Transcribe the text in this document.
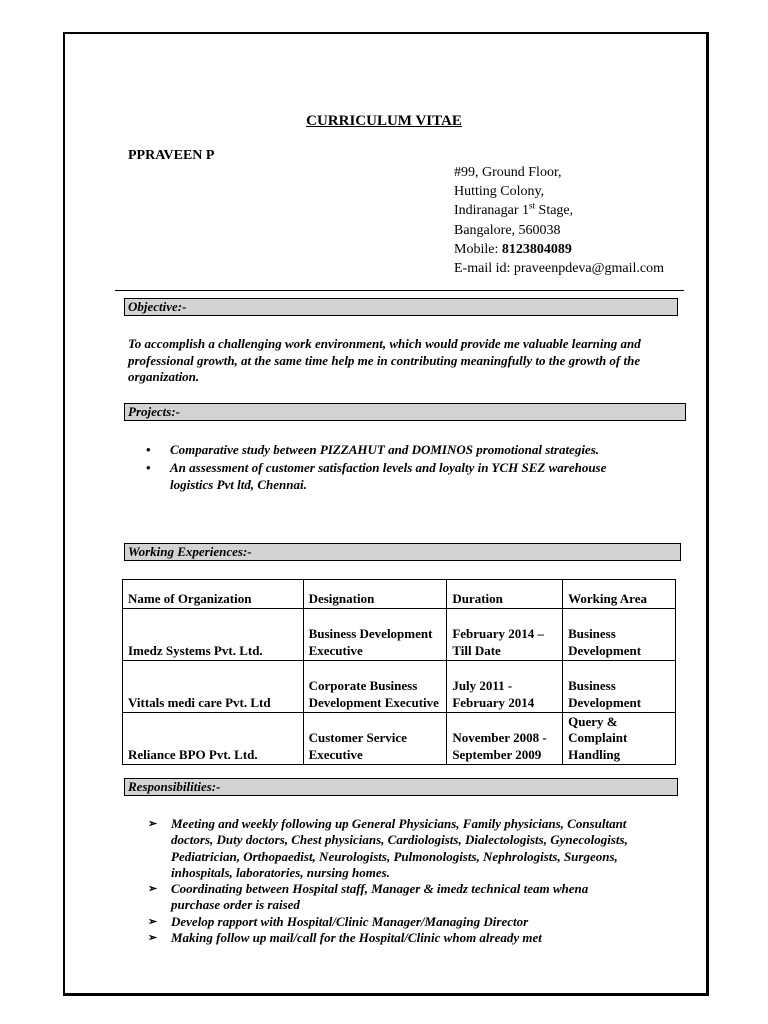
CURRICULUM VITAE
PPRAVEEN P
#99, Ground Floor,
Hutting Colony,
Indiranagar 1st Stage,
Bangalore, 560038
Mobile: 8123804089
E-mail id: praveenpdeva@gmail.com
Objective:-
To accomplish a challenging work environment, which would provide me valuable learning and professional growth, at the same time help me in contributing meaningfully to the growth of the organization.
Projects:-
• Comparative study between PIZZAHUT and DOMINOS promotional strategies.
• An assessment of customer satisfaction levels and loyalty in YCH SEZ warehouse logistics Pvt ltd, Chennai.
Working Experiences:-
Name of Organization	Designation	Duration	Working Area
Imedz Systems Pvt. Ltd.	Business Development Executive	February 2014 – Till Date	Business Development
Vittals medi care Pvt. Ltd	Corporate Business Development Executive	July 2011 - February 2014	Business Development
Reliance BPO Pvt. Ltd.	Customer Service Executive	November 2008 - September 2009	Query & Complaint Handling
Responsibilities:-
➢ Meeting and weekly following up General Physicians, Family physicians, Consultant doctors, Duty doctors, Chest physicians, Cardiologists, Dialectologists, Gynecologists, Pediatrician, Orthopaedist, Neurologists, Pulmonologists, Nephrologists, Surgeons, inhospitals, laboratories, nursing homes.
➢ Coordinating between Hospital staff, Manager & imedz technical team whena purchase order is raised
➢ Develop rapport with Hospital/Clinic Manager/Managing Director
➢ Making follow up mail/call for the Hospital/Clinic whom already met
